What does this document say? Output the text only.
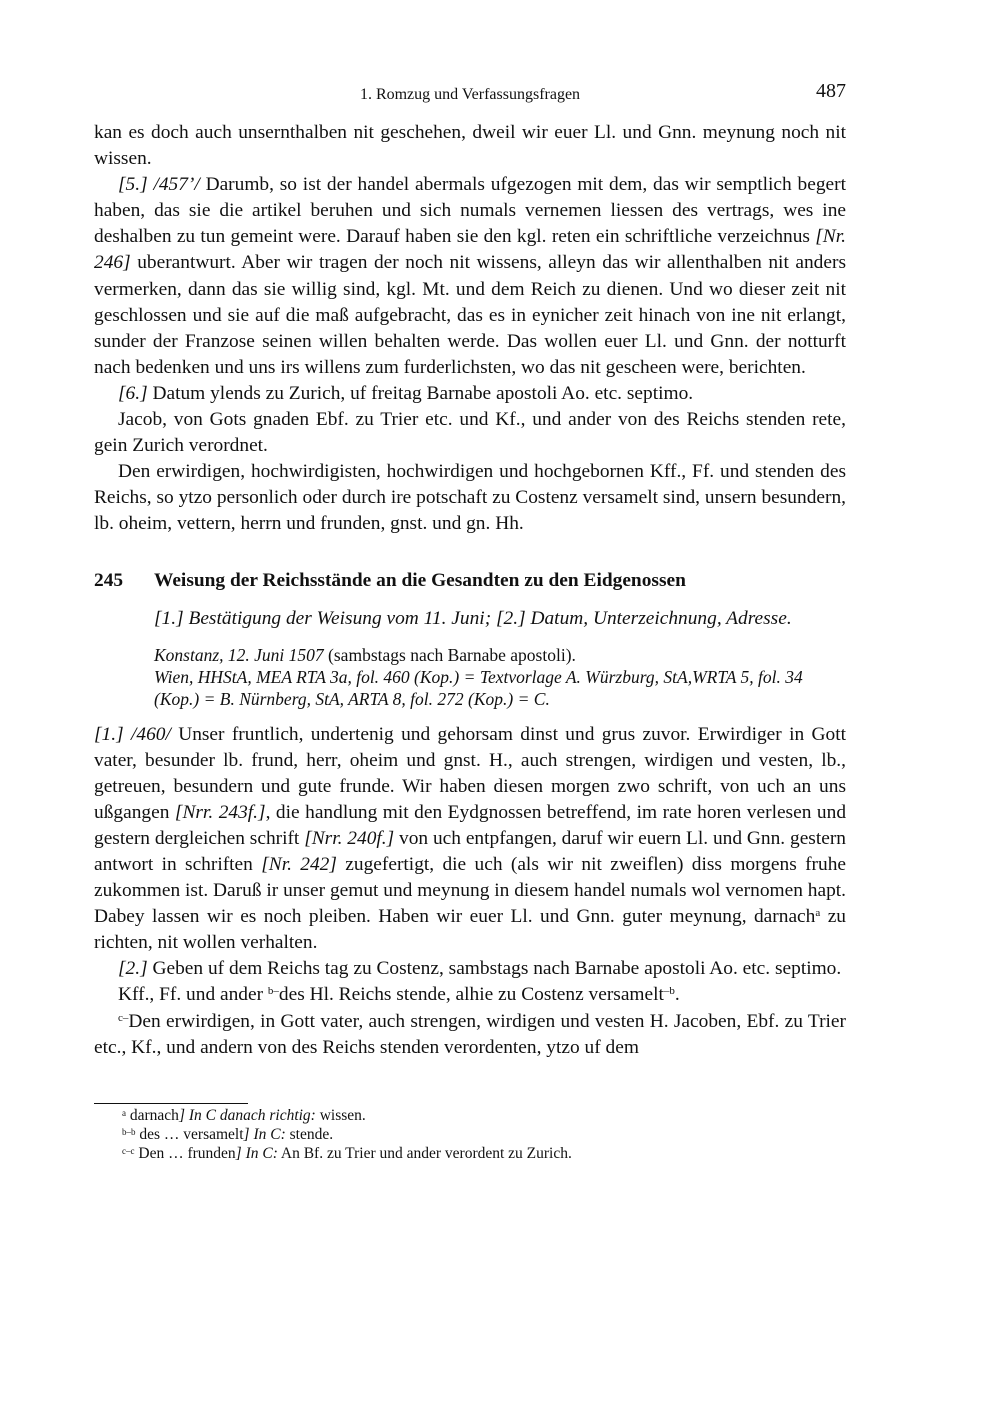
1. Romzug und Verfassungsfragen	487

kan es doch auch unsernthalben nit geschehen, dweil wir euer Ll. und Gnn. meynung noch nit wissen.

[5.] /457’/ Darumb, so ist der handel abermals ufgezogen mit dem, das wir semptlich begert haben, das sie die artikel beruhen und sich numals vernemen liessen des vertrags, wes ine deshalben zu tun gemeint were. Darauf haben sie den kgl. reten ein schriftliche verzeichnus [Nr. 246] uberantwurt. Aber wir tragen der noch nit wissens, alleyn das wir allenthalben nit anders vermerken, dann das sie willig sind, kgl. Mt. und dem Reich zu dienen. Und wo dieser zeit nit geschlossen und sie auf die maß aufgebracht, das es in eynicher zeit hinach von ine nit erlangt, sunder der Franzose seinen willen behalten werde. Das wollen euer Ll. und Gnn. der notturft nach bedenken und uns irs willens zum furderlichsten, wo das nit gescheen were, berichten.

[6.] Datum ylends zu Zurich, uf freitag Barnabe apostoli Ao. etc. septimo.

Jacob, von Gots gnaden Ebf. zu Trier etc. und Kf., und ander von des Reichs stenden rete, gein Zurich verordnet.

Den erwirdigen, hochwirdigisten, hochwirdigen und hochgebornen Kff., Ff. und stenden des Reichs, so ytzo personlich oder durch ire potschaft zu Costenz versamelt sind, unsern besundern, lb. oheim, vettern, herrn und frunden, gnst. und gn. Hh.

245	Weisung der Reichsstände an die Gesandten zu den Eidgenossen
[1.] Bestätigung der Weisung vom 11. Juni; [2.] Datum, Unterzeichnung, Adresse.
Konstanz, 12. Juni 1507 (sambstags nach Barnabe apostoli).
Wien, HHStA, MEA RTA 3a, fol. 460 (Kop.) = Textvorlage A. Würzburg, StA,WRTA 5, fol. 34 (Kop.) = B. Nürnberg, StA, ARTA 8, fol. 272 (Kop.) = C.

[1.] /460/ Unser fruntlich, undertenig und gehorsam dinst und grus zuvor. Erwirdiger in Gott vater, besunder lb. frund, herr, oheim und gnst. H., auch strengen, wirdigen und vesten, lb., getreuen, besundern und gute frunde. Wir haben diesen morgen zwo schrift, von uch an uns ußgangen [Nrr. 243f.], die handlung mit den Eydgnossen betreffend, im rate horen verlesen und gestern dergleichen schrift [Nrr. 240f.] von uch entpfangen, daruf wir euern Ll. und Gnn. gestern antwort in schriften [Nr. 242] zugefertigt, die uch (als wir nit zweiflen) diss morgens fruhe zukommen ist. Daruß ir unser gemut und meynung in diesem handel numals wol vernomen hapt. Dabey lassen wir es noch pleiben. Haben wir euer Ll. und Gnn. guter meynung, darnach$^a$ zu richten, nit wollen verhalten.

[2.] Geben uf dem Reichs tag zu Costenz, sambstags nach Barnabe apostoli Ao. etc. septimo.

Kff., Ff. und ander $^{b-}$des Hl. Reichs stende, alhie zu Costenz versamelt$^{-b}$.

$^{c-}$Den erwirdigen, in Gott vater, auch strengen, wirdigen und vesten H. Jacoben, Ebf. zu Trier etc., Kf., und andern von des Reichs stenden verordenten, ytzo uf dem

$^a$ darnach] In C danach richtig: wissen.
$^{b-b}$ des … versamelt] In C: stende.
$^{c-c}$ Den … frunden] In C: An Bf. zu Trier und ander verordent zu Zurich.
